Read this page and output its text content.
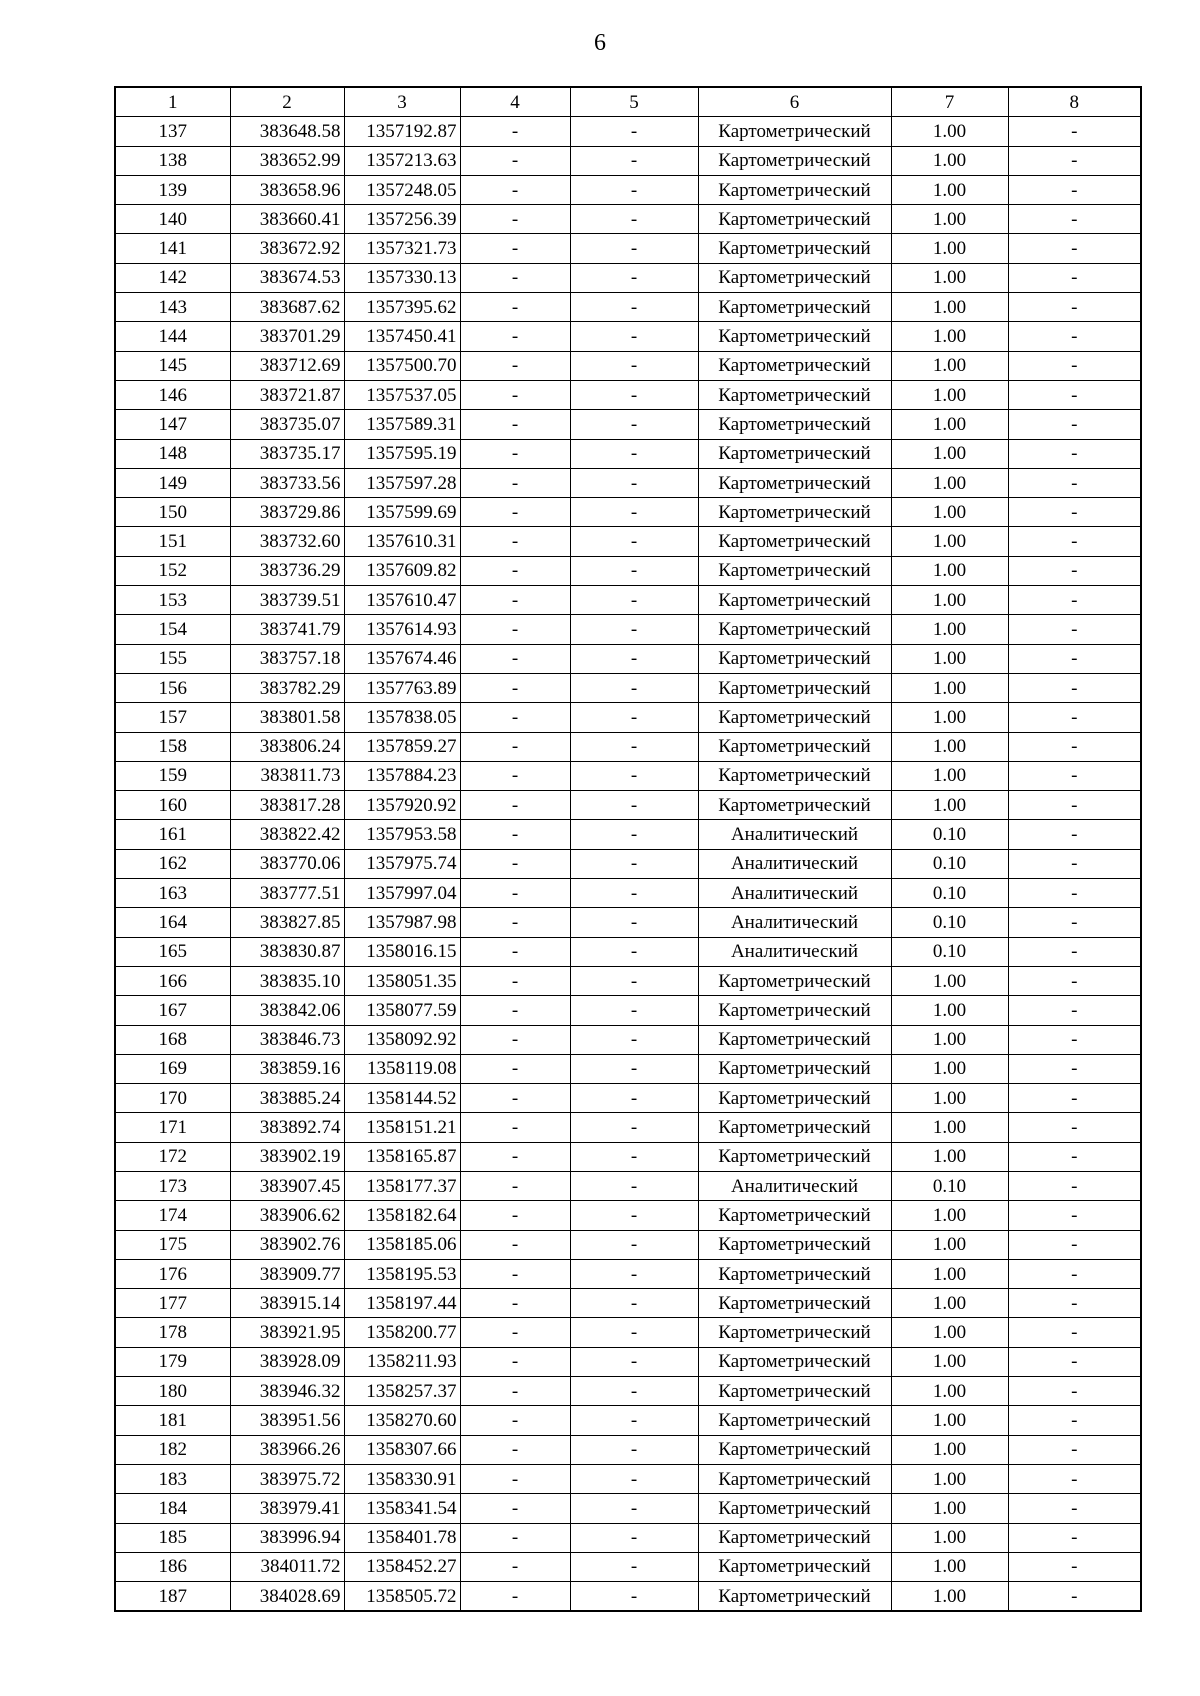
6
1	2	3	4	5	6	7	8
137	383648.58	1357192.87	-	-	Картометрический	1.00	-
138	383652.99	1357213.63	-	-	Картометрический	1.00	-
139	383658.96	1357248.05	-	-	Картометрический	1.00	-
140	383660.41	1357256.39	-	-	Картометрический	1.00	-
141	383672.92	1357321.73	-	-	Картометрический	1.00	-
142	383674.53	1357330.13	-	-	Картометрический	1.00	-
143	383687.62	1357395.62	-	-	Картометрический	1.00	-
144	383701.29	1357450.41	-	-	Картометрический	1.00	-
145	383712.69	1357500.70	-	-	Картометрический	1.00	-
146	383721.87	1357537.05	-	-	Картометрический	1.00	-
147	383735.07	1357589.31	-	-	Картометрический	1.00	-
148	383735.17	1357595.19	-	-	Картометрический	1.00	-
149	383733.56	1357597.28	-	-	Картометрический	1.00	-
150	383729.86	1357599.69	-	-	Картометрический	1.00	-
151	383732.60	1357610.31	-	-	Картометрический	1.00	-
152	383736.29	1357609.82	-	-	Картометрический	1.00	-
153	383739.51	1357610.47	-	-	Картометрический	1.00	-
154	383741.79	1357614.93	-	-	Картометрический	1.00	-
155	383757.18	1357674.46	-	-	Картометрический	1.00	-
156	383782.29	1357763.89	-	-	Картометрический	1.00	-
157	383801.58	1357838.05	-	-	Картометрический	1.00	-
158	383806.24	1357859.27	-	-	Картометрический	1.00	-
159	383811.73	1357884.23	-	-	Картометрический	1.00	-
160	383817.28	1357920.92	-	-	Картометрический	1.00	-
161	383822.42	1357953.58	-	-	Аналитический	0.10	-
162	383770.06	1357975.74	-	-	Аналитический	0.10	-
163	383777.51	1357997.04	-	-	Аналитический	0.10	-
164	383827.85	1357987.98	-	-	Аналитический	0.10	-
165	383830.87	1358016.15	-	-	Аналитический	0.10	-
166	383835.10	1358051.35	-	-	Картометрический	1.00	-
167	383842.06	1358077.59	-	-	Картометрический	1.00	-
168	383846.73	1358092.92	-	-	Картометрический	1.00	-
169	383859.16	1358119.08	-	-	Картометрический	1.00	-
170	383885.24	1358144.52	-	-	Картометрический	1.00	-
171	383892.74	1358151.21	-	-	Картометрический	1.00	-
172	383902.19	1358165.87	-	-	Картометрический	1.00	-
173	383907.45	1358177.37	-	-	Аналитический	0.10	-
174	383906.62	1358182.64	-	-	Картометрический	1.00	-
175	383902.76	1358185.06	-	-	Картометрический	1.00	-
176	383909.77	1358195.53	-	-	Картометрический	1.00	-
177	383915.14	1358197.44	-	-	Картометрический	1.00	-
178	383921.95	1358200.77	-	-	Картометрический	1.00	-
179	383928.09	1358211.93	-	-	Картометрический	1.00	-
180	383946.32	1358257.37	-	-	Картометрический	1.00	-
181	383951.56	1358270.60	-	-	Картометрический	1.00	-
182	383966.26	1358307.66	-	-	Картометрический	1.00	-
183	383975.72	1358330.91	-	-	Картометрический	1.00	-
184	383979.41	1358341.54	-	-	Картометрический	1.00	-
185	383996.94	1358401.78	-	-	Картометрический	1.00	-
186	384011.72	1358452.27	-	-	Картометрический	1.00	-
187	384028.69	1358505.72	-	-	Картометрический	1.00	-
